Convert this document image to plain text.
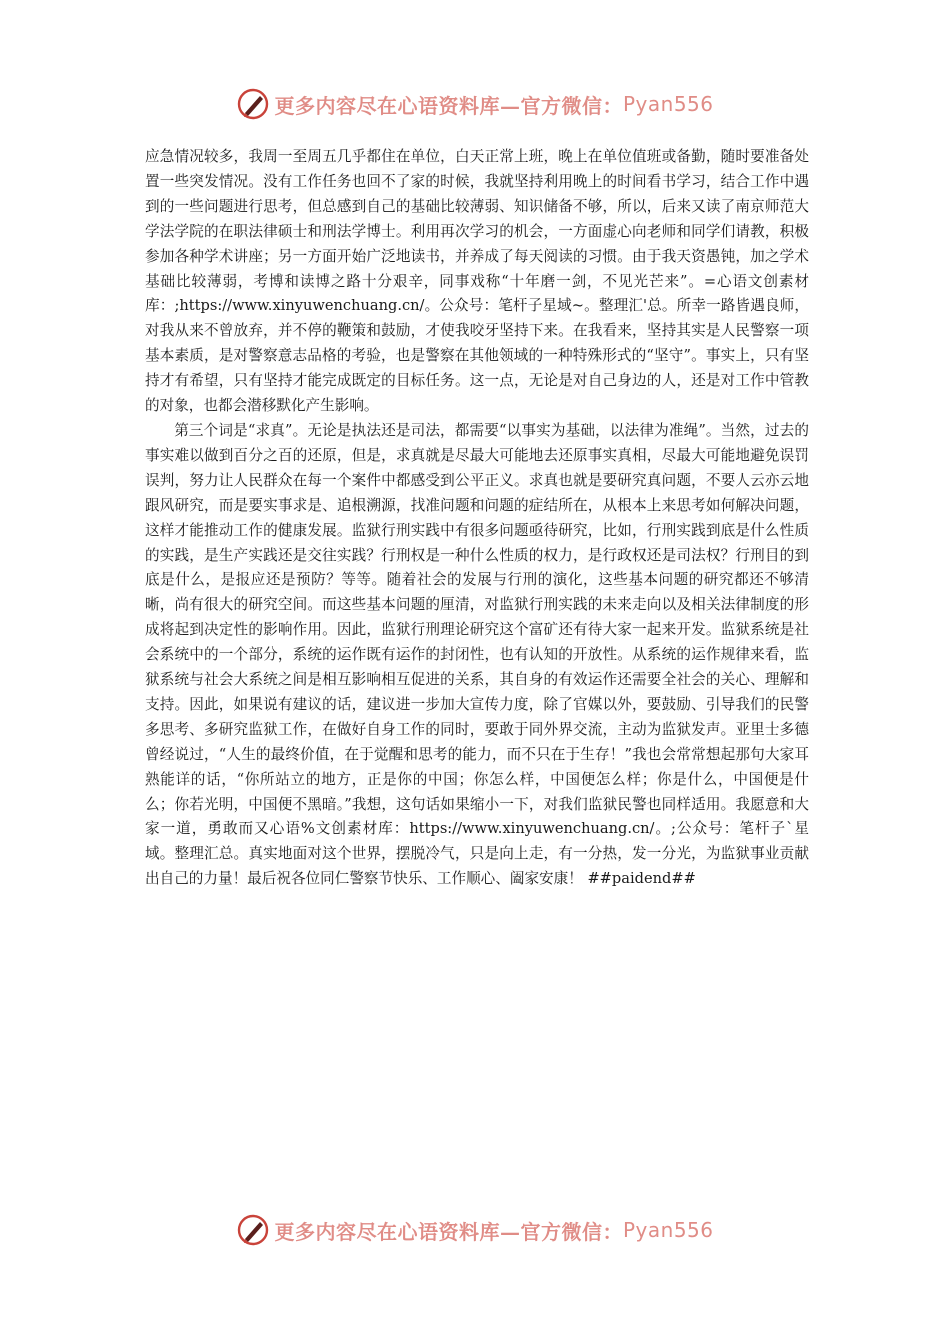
更多内容尽在心语资料库—官方微信： Pyan556

应急情况较多，我周一至周五几乎都住在单位，白天正常上班，晚上在单位值班或备勤，随时要准备处置一些突发情况。没有工作任务也回不了家的时候，我就坚持利用晚上的时间看书学习，结合工作中遇到的一些问题进行思考，但总感到自己的基础比较薄弱、知识储备不够，所以，后来又读了南京师范大学法学院的在职法律硕士和刑法学博士。利用再次学习的机会，一方面虚心向老师和同学们请教，积极参加各种学术讲座；另一方面开始广泛地读书，并养成了每天阅读的习惯。由于我天资愚钝，加之学术基础比较薄弱，考博和读博之路十分艰辛，同事戏称“十年磨一剑，不见光芒来”。=心语文创素材库：;https://www.xinyuwenchuang.cn/。公众号：笔杆子星域~。整理汇'总。所幸一路皆遇良师，对我从来不曾放弃，并不停的鞭策和鼓励，才使我咬牙坚持下来。在我看来，坚持其实是人民警察一项基本素质，是对警察意志品格的考验，也是警察在其他领域的一种特殊形式的“坚守”。事实上，只有坚持才有希望，只有坚持才能完成既定的目标任务。这一点，无论是对自己身边的人，还是对工作中管教的对象，也都会潜移默化产生影响。

第三个词是“求真”。无论是执法还是司法，都需要“以事实为基础，以法律为准绳”。当然，过去的事实难以做到百分之百的还原，但是，求真就是尽最大可能地去还原事实真相，尽最大可能地避免误罚误判，努力让人民群众在每一个案件中都感受到公平正义。求真也就是要研究真问题，不要人云亦云地跟风研究，而是要实事求是、追根溯源，找准问题和问题的症结所在，从根本上来思考如何解决问题，这样才能推动工作的健康发展。监狱行刑实践中有很多问题亟待研究，比如，行刑实践到底是什么性质的实践，是生产实践还是交往实践？行刑权是一种什么性质的权力，是行政权还是司法权？行刑目的到底是什么，是报应还是预防？等等。随着社会的发展与行刑的演化，这些基本问题的研究都还不够清晰，尚有很大的研究空间。而这些基本问题的厘清，对监狱行刑实践的未来走向以及相关法律制度的形成将起到决定性的影响作用。因此，监狱行刑理论研究这个富矿还有待大家一起来开发。监狱系统是社会系统中的一个部分，系统的运作既有运作的封闭性，也有认知的开放性。从系统的运作规律来看，监狱系统与社会大系统之间是相互影响相互促进的关系，其自身的有效运作还需要全社会的关心、理解和支持。因此，如果说有建议的话，建议进一步加大宣传力度，除了官媒以外，要鼓励、引导我们的民警多思考、多研究监狱工作，在做好自身工作的同时，要敢于同外界交流，主动为监狱发声。亚里士多德曾经说过，“人生的最终价值，在于觉醒和思考的能力，而不只在于生存！”我也会常常想起那句大家耳熟能详的话，“你所站立的地方，正是你的中国；你怎么样，中国便怎么样；你是什么，中国便是什么；你若光明，中国便不黑暗。”我想，这句话如果缩小一下，对我们监狱民警也同样适用。我愿意和大家一道，勇敢而又心语%文创素材库：https://www.xinyuwenchuang.cn/。;公众号：笔杆子`星域。整理汇总。真实地面对这个世界，摆脱冷气，只是向上走，有一分热，发一分光，为监狱事业贡献出自己的力量！最后祝各位同仁警察节快乐、工作顺心、阖家安康！ ##paidend##

更多内容尽在心语资料库—官方微信： Pyan556
